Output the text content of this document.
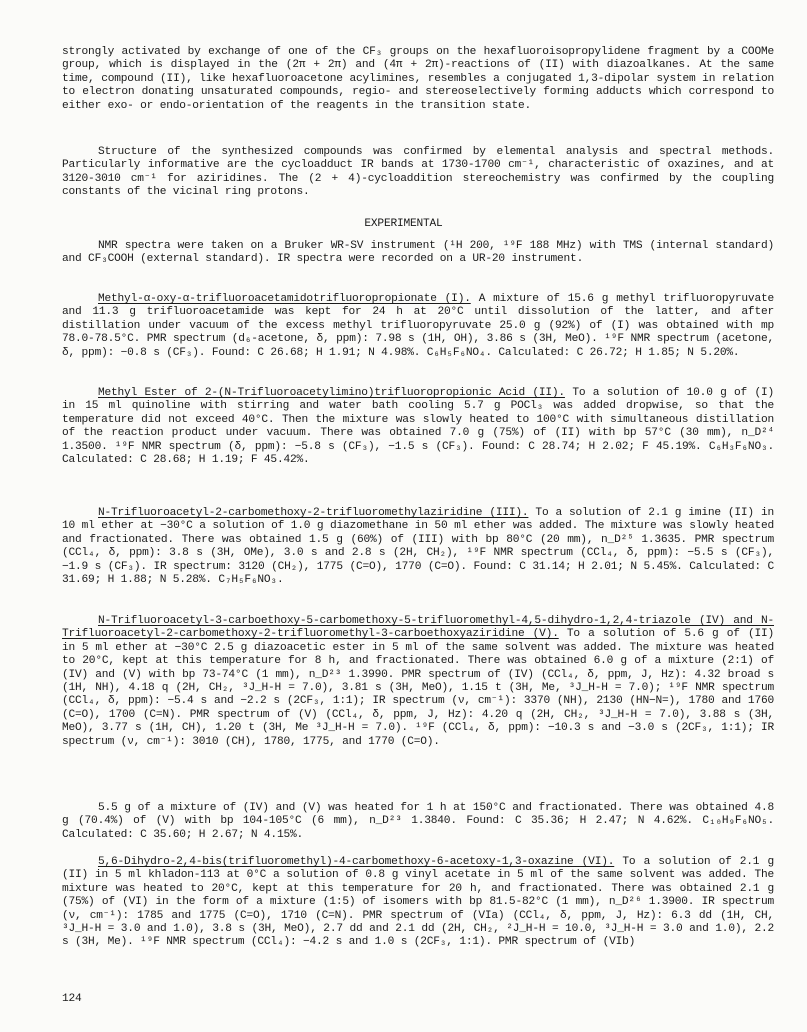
strongly activated by exchange of one of the CF₃ groups on the hexafluoroisopropylidene fragment by a COOMe group, which is displayed in the (2π + 2π) and (4π + 2π)-reactions of (II) with diazoalkanes. At the same time, compound (II), like hexafluoroacetone acylimines, resembles a conjugated 1,3-dipolar system in relation to electron donating unsaturated compounds, regio- and stereoselectively forming adducts which correspond to either exo- or endo-orientation of the reagents in the transition state.

Structure of the synthesized compounds was confirmed by elemental analysis and spectral methods. Particularly informative are the cycloadduct IR bands at 1730-1700 cm⁻¹, characteristic of oxazines, and at 3120-3010 cm⁻¹ for aziridines. The (2 + 4)-cycloaddition stereochemistry was confirmed by the coupling constants of the vicinal ring protons.

EXPERIMENTAL

NMR spectra were taken on a Bruker WR-SV instrument (¹H 200, ¹⁹F 188 MHz) with TMS (internal standard) and CF₃COOH (external standard). IR spectra were recorded on a UR-20 instrument.

Methyl-α-oxy-α-trifluoroacetamidotrifluoropropionate (I). A mixture of 15.6 g methyl trifluoropyruvate and 11.3 g trifluoroacetamide was kept for 24 h at 20°C until dissolution of the latter, and after distillation under vacuum of the excess methyl trifluoropyruvate 25.0 g (92%) of (I) was obtained with mp 78.0-78.5°C. PMR spectrum (d₆-acetone, δ, ppm): 7.98 s (1H, OH), 3.86 s (3H, MeO). ¹⁹F NMR spectrum (acetone, δ, ppm): −0.8 s (CF₃). Found: C 26.68; H 1.91; N 4.98%. C₆H₅F₆NO₄. Calculated: C 26.72; H 1.85; N 5.20%.

Methyl Ester of 2-(N-Trifluoroacetylimino)trifluoropropionic Acid (II). To a solution of 10.0 g of (I) in 15 ml quinoline with stirring and water bath cooling 5.7 g POCl₃ was added dropwise, so that the temperature did not exceed 40°C. Then the mixture was slowly heated to 100°C with simultaneous distillation of the reaction product under vacuum. There was obtained 7.0 g (75%) of (II) with bp 57°C (30 mm), n_D²⁴ 1.3500. ¹⁹F NMR spectrum (δ, ppm): −5.8 s (CF₃), −1.5 s (CF₃). Found: C 28.74; H 2.02; F 45.19%. C₆H₃F₆NO₃. Calculated: C 28.68; H 1.19; F 45.42%.

N-Trifluoroacetyl-2-carbomethoxy-2-trifluoromethylaziridine (III). To a solution of 2.1 g imine (II) in 10 ml ether at −30°C a solution of 1.0 g diazomethane in 50 ml ether was added. The mixture was slowly heated and fractionated. There was obtained 1.5 g (60%) of (III) with bp 80°C (20 mm), n_D²⁵ 1.3635. PMR spectrum (CCl₄, δ, ppm): 3.8 s (3H, OMe), 3.0 s and 2.8 s (2H, CH₂), ¹⁹F NMR spectrum (CCl₄, δ, ppm): −5.5 s (CF₃), −1.9 s (CF₃). IR spectrum: 3120 (CH₂), 1775 (C=O), 1770 (C=O). Found: C 31.14; H 2.01; N 5.45%. Calculated: C 31.69; H 1.88; N 5.28%. C₇H₅F₆NO₃.

N-Trifluoroacetyl-3-carboethoxy-5-carbomethoxy-5-trifluoromethyl-4,5-dihydro-1,2,4-triazole (IV) and N-Trifluoroacetyl-2-carbomethoxy-2-trifluoromethyl-3-carboethoxyaziridine (V). To a solution of 5.6 g of (II) in 5 ml ether at −30°C 2.5 g diazoacetic ester in 5 ml of the same solvent was added. The mixture was heated to 20°C, kept at this temperature for 8 h, and fractionated. There was obtained 6.0 g of a mixture (2:1) of (IV) and (V) with bp 73-74°C (1 mm), n_D²³ 1.3990. PMR spectrum of (IV) (CCl₄, δ, ppm, J, Hz): 4.32 broad s (1H, NH), 4.18 q (2H, CH₂, ³J_H-H = 7.0), 3.81 s (3H, MeO), 1.15 t (3H, Me, ³J_H-H = 7.0); ¹⁹F NMR spectrum (CCl₄, δ, ppm): −5.4 s and −2.2 s (2CF₃, 1:1); IR spectrum (ν, cm⁻¹): 3370 (NH), 2130 (HN−N=), 1780 and 1760 (C=O), 1700 (C=N). PMR spectrum of (V) (CCl₄, δ, ppm, J, Hz): 4.20 q (2H, CH₂, ³J_H-H = 7.0), 3.88 s (3H, MeO), 3.77 s (1H, CH), 1.20 t (3H, Me ³J_H-H = 7.0). ¹⁹F (CCl₄, δ, ppm): −10.3 s and −3.0 s (2CF₃, 1:1); IR spectrum (ν, cm⁻¹): 3010 (CH), 1780, 1775, and 1770 (C=O).

5.5 g of a mixture of (IV) and (V) was heated for 1 h at 150°C and fractionated. There was obtained 4.8 g (70.4%) of (V) with bp 104-105°C (6 mm), n_D²³ 1.3840. Found: C 35.36; H 2.47; N 4.62%. C₁₀H₉F₆NO₅. Calculated: C 35.60; H 2.67; N 4.15%.

5,6-Dihydro-2,4-bis(trifluoromethyl)-4-carbomethoxy-6-acetoxy-1,3-oxazine (VI). To a solution of 2.1 g (II) in 5 ml khladon-113 at 0°C a solution of 0.8 g vinyl acetate in 5 ml of the same solvent was added. The mixture was heated to 20°C, kept at this temperature for 20 h, and fractionated. There was obtained 2.1 g (75%) of (VI) in the form of a mixture (1:5) of isomers with bp 81.5-82°C (1 mm), n_D²⁶ 1.3900. IR spectrum (ν, cm⁻¹): 1785 and 1775 (C=O), 1710 (C=N). PMR spectrum of (VIa) (CCl₄, δ, ppm, J, Hz): 6.3 dd (1H, CH, ³J_H-H = 3.0 and 1.0), 3.8 s (3H, MeO), 2.7 dd and 2.1 dd (2H, CH₂, ²J_H-H = 10.0, ³J_H-H = 3.0 and 1.0), 2.2 s (3H, Me). ¹⁹F NMR spectrum (CCl₄): −4.2 s and 1.0 s (2CF₃, 1:1). PMR spectrum of (VIb)

124
